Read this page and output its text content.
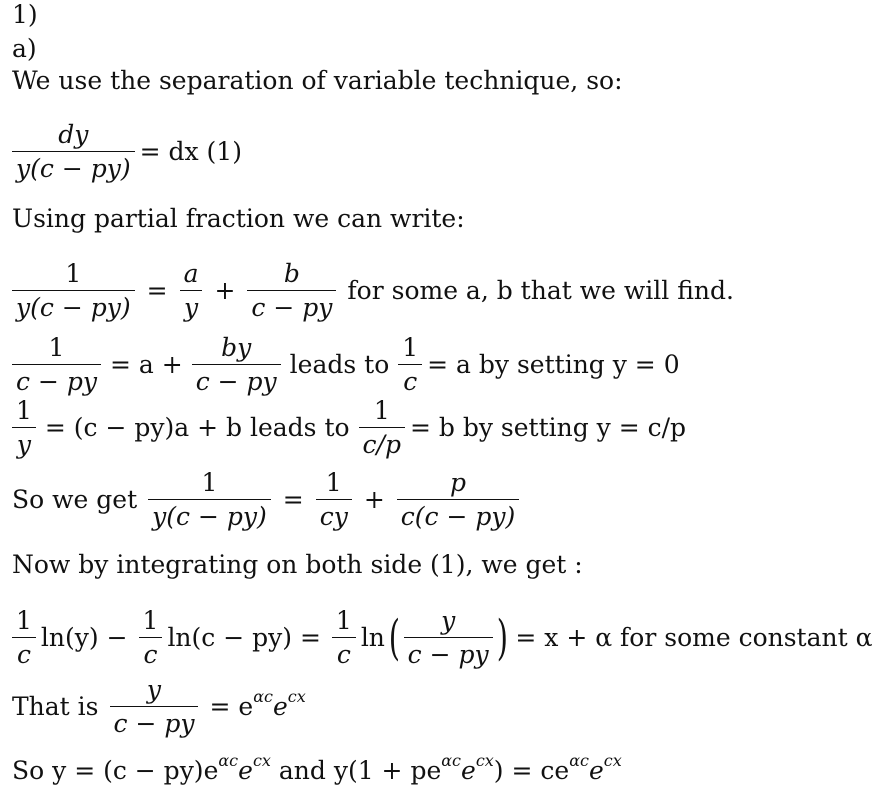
1)
a)
We use the separation of variable technique, so:
$\frac{dy}{y(c - py)}$ = dx (1)
Using partial fraction we can write:
$\frac{1}{y(c - py)} = \frac{a}{y} + \frac{b}{c - py}$ for some a, b that we will find.
$\frac{1}{c - py} = a + \frac{by}{c - py}$ leads to $\frac{1}{c} = a$ by setting y = 0
$\frac{1}{y} = (c - py)a + b$ leads to $\frac{1}{c/p} = b$ by setting y = c/p
So we get $\frac{1}{y(c - py)} = \frac{1}{cy} + \frac{p}{c(c - py)}$
Now by integrating on both side (1), we get :
$\frac{1}{c} \ln(y) - \frac{1}{c} \ln(c - py) = \frac{1}{c}$ ln ( $\frac{y}{c - py}$ ) = x + α for some constant α
That is $\frac{y}{c - py} = e$ αc e cx
So y = (c − py)e αc e cx and y(1 + pe αc e cx ) = ce αc e cx
